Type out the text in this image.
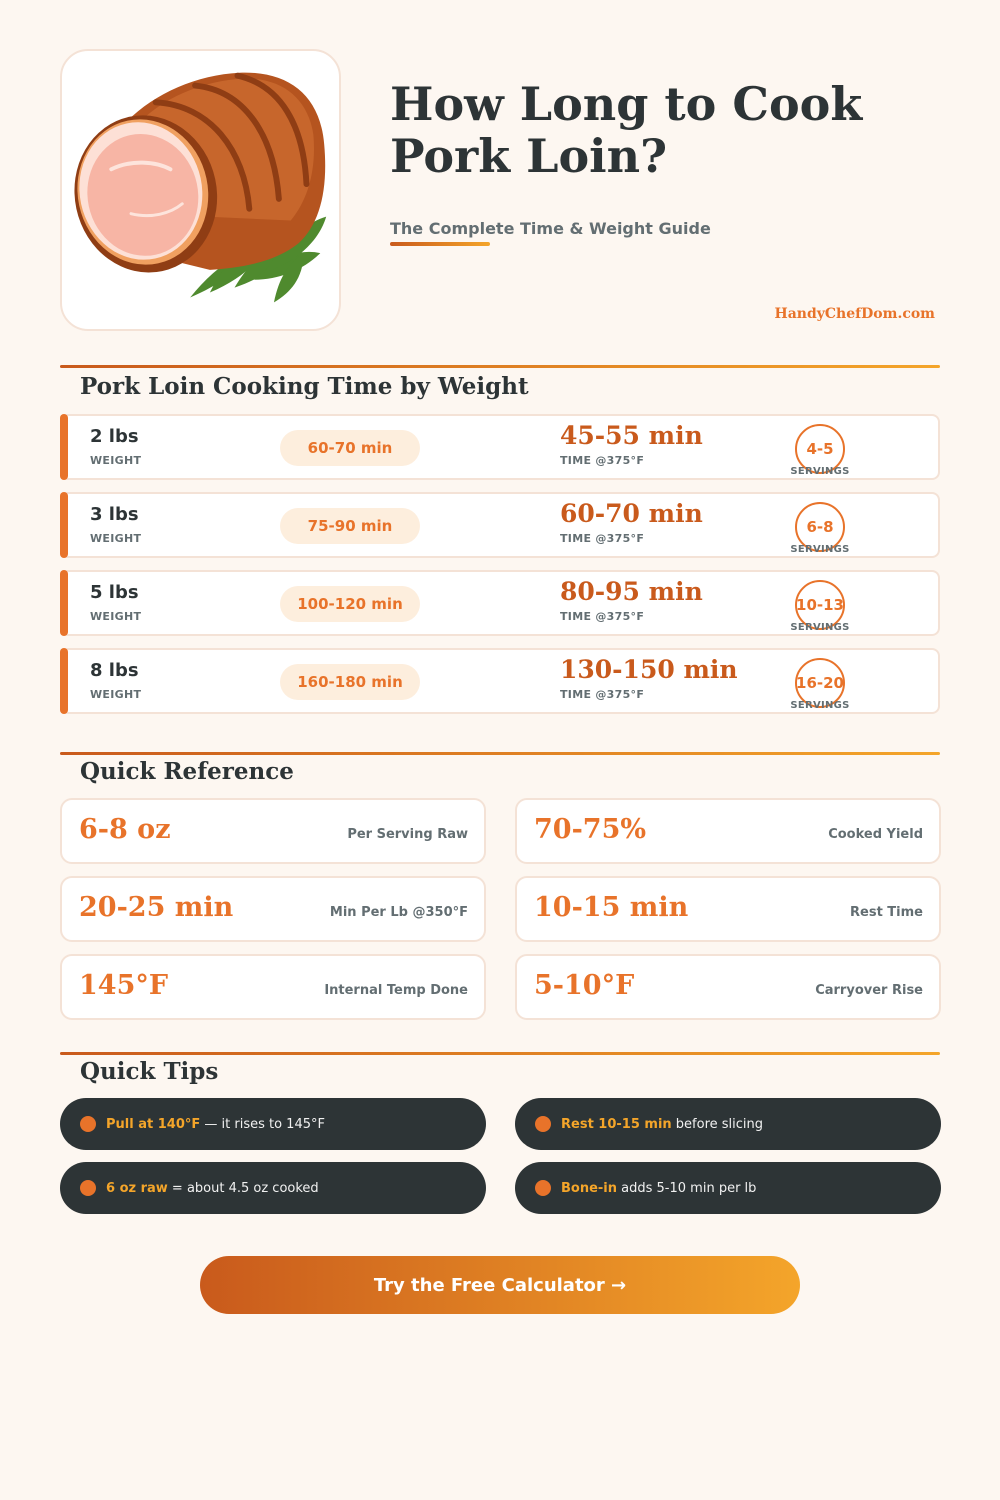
How Long to Cook Pork Loin?
The Complete Time & Weight Guide
HandyChefDom.com
Pork Loin Cooking Time by Weight
2 lbs
WEIGHT
60-70 min	45-55 min
TIME @375°F
4-5
SERVINGS
3 lbs
WEIGHT
75-90 min	60-70 min
TIME @375°F
6-8
SERVINGS
5 lbs
WEIGHT
100-120 min	80-95 min
TIME @375°F
10-13
SERVINGS
8 lbs
WEIGHT
160-180 min	130-150 min
TIME @375°F
16-20
SERVINGS
Quick Reference
6-8 oz	Per Serving Raw 70-75%	Cooked Yield
20-25 min	Min Per Lb @350°F 10-15 min	Rest Time
145°F	Internal Temp Done 5-10°F	Carryover Rise
Quick Tips
Pull at 140°F — it rises to 145°F	Rest 10-15 min before slicing
6 oz raw = about 4.5 oz cooked	Bone-in adds 5-10 min per lb
Try the Free Calculator →
